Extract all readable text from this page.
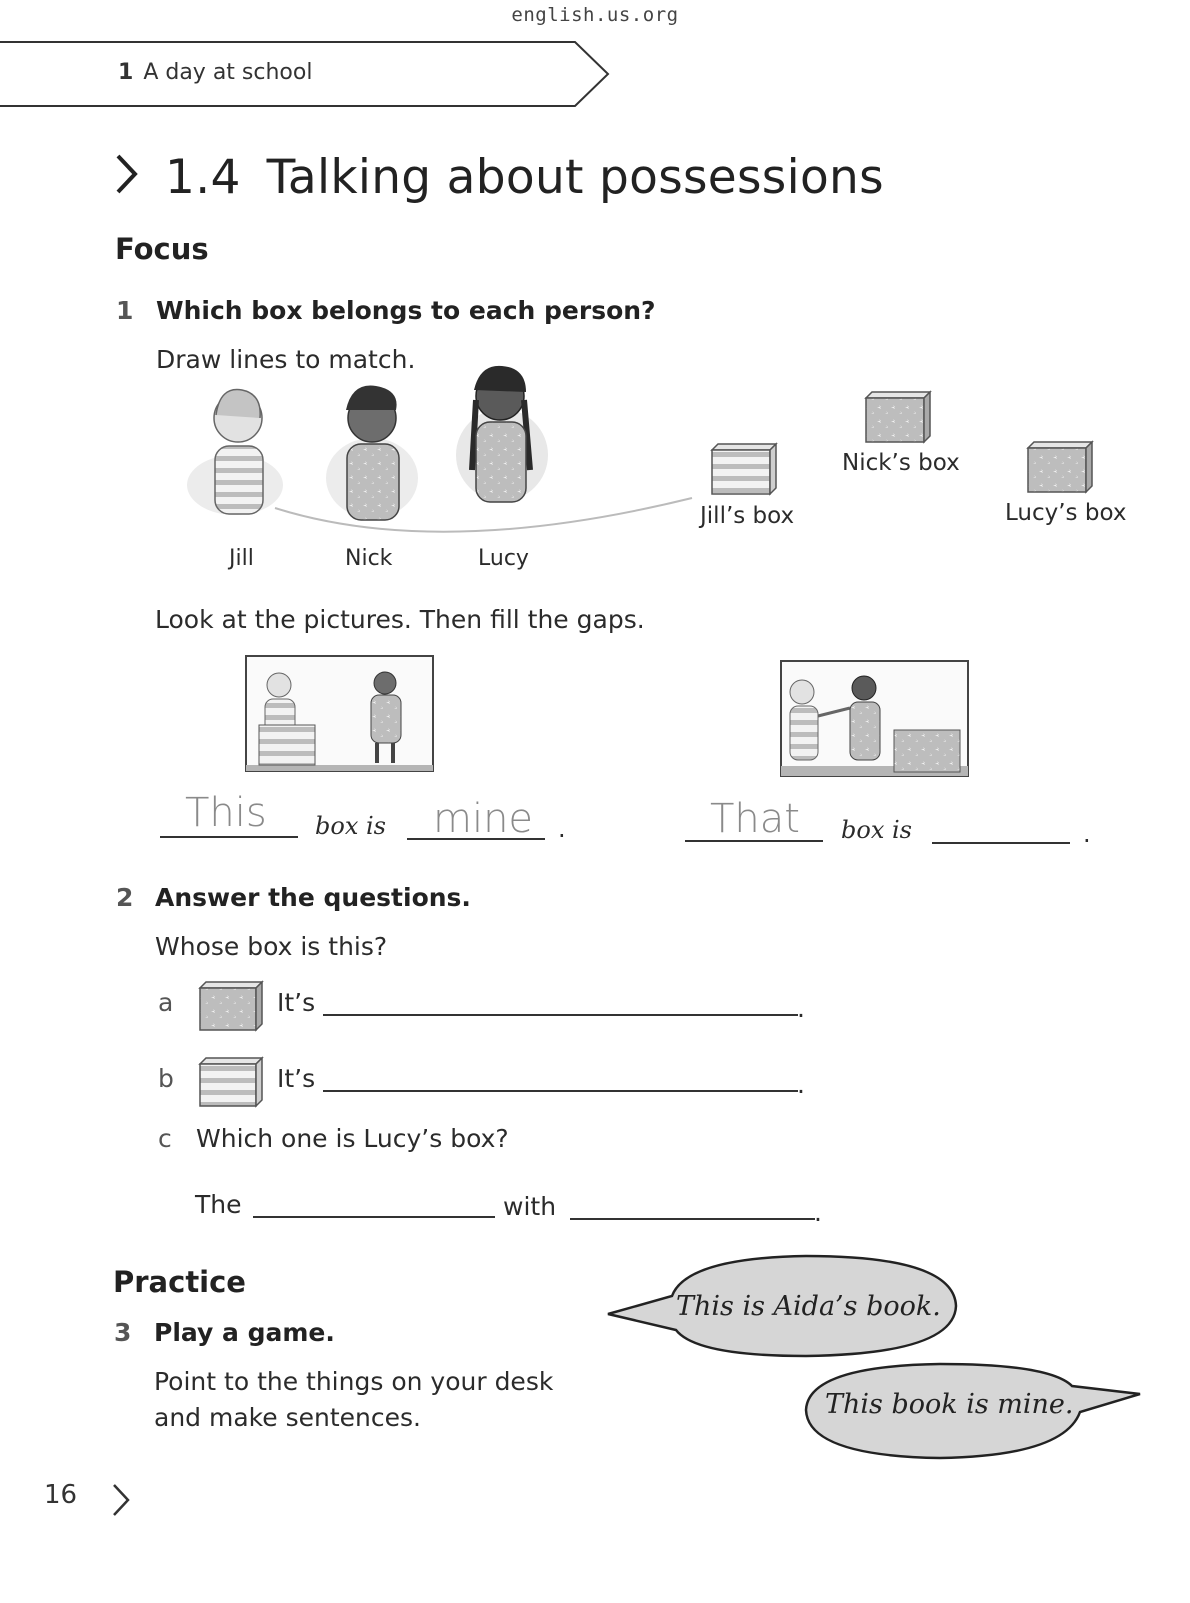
english.us.org
1 A day at school
1.4 Talking about possessions
Focus
1 Which box belongs to each person?
Draw lines to match.
Jill	Nick	Lucy
Jill’s box
Nick’s box
Lucy’s box
Look at the pictures. Then fill the gaps.
This box is mine .	That box is	.
2 Answer the questions.
Whose box is this?
a	It’s	.
b	It’s	.
c Which one is Lucy’s box?
The	with	.
Practice
3 Play a game.
Point to the things on your desk
and make sentences.
This is Aida’s book.
This book is mine.
16
